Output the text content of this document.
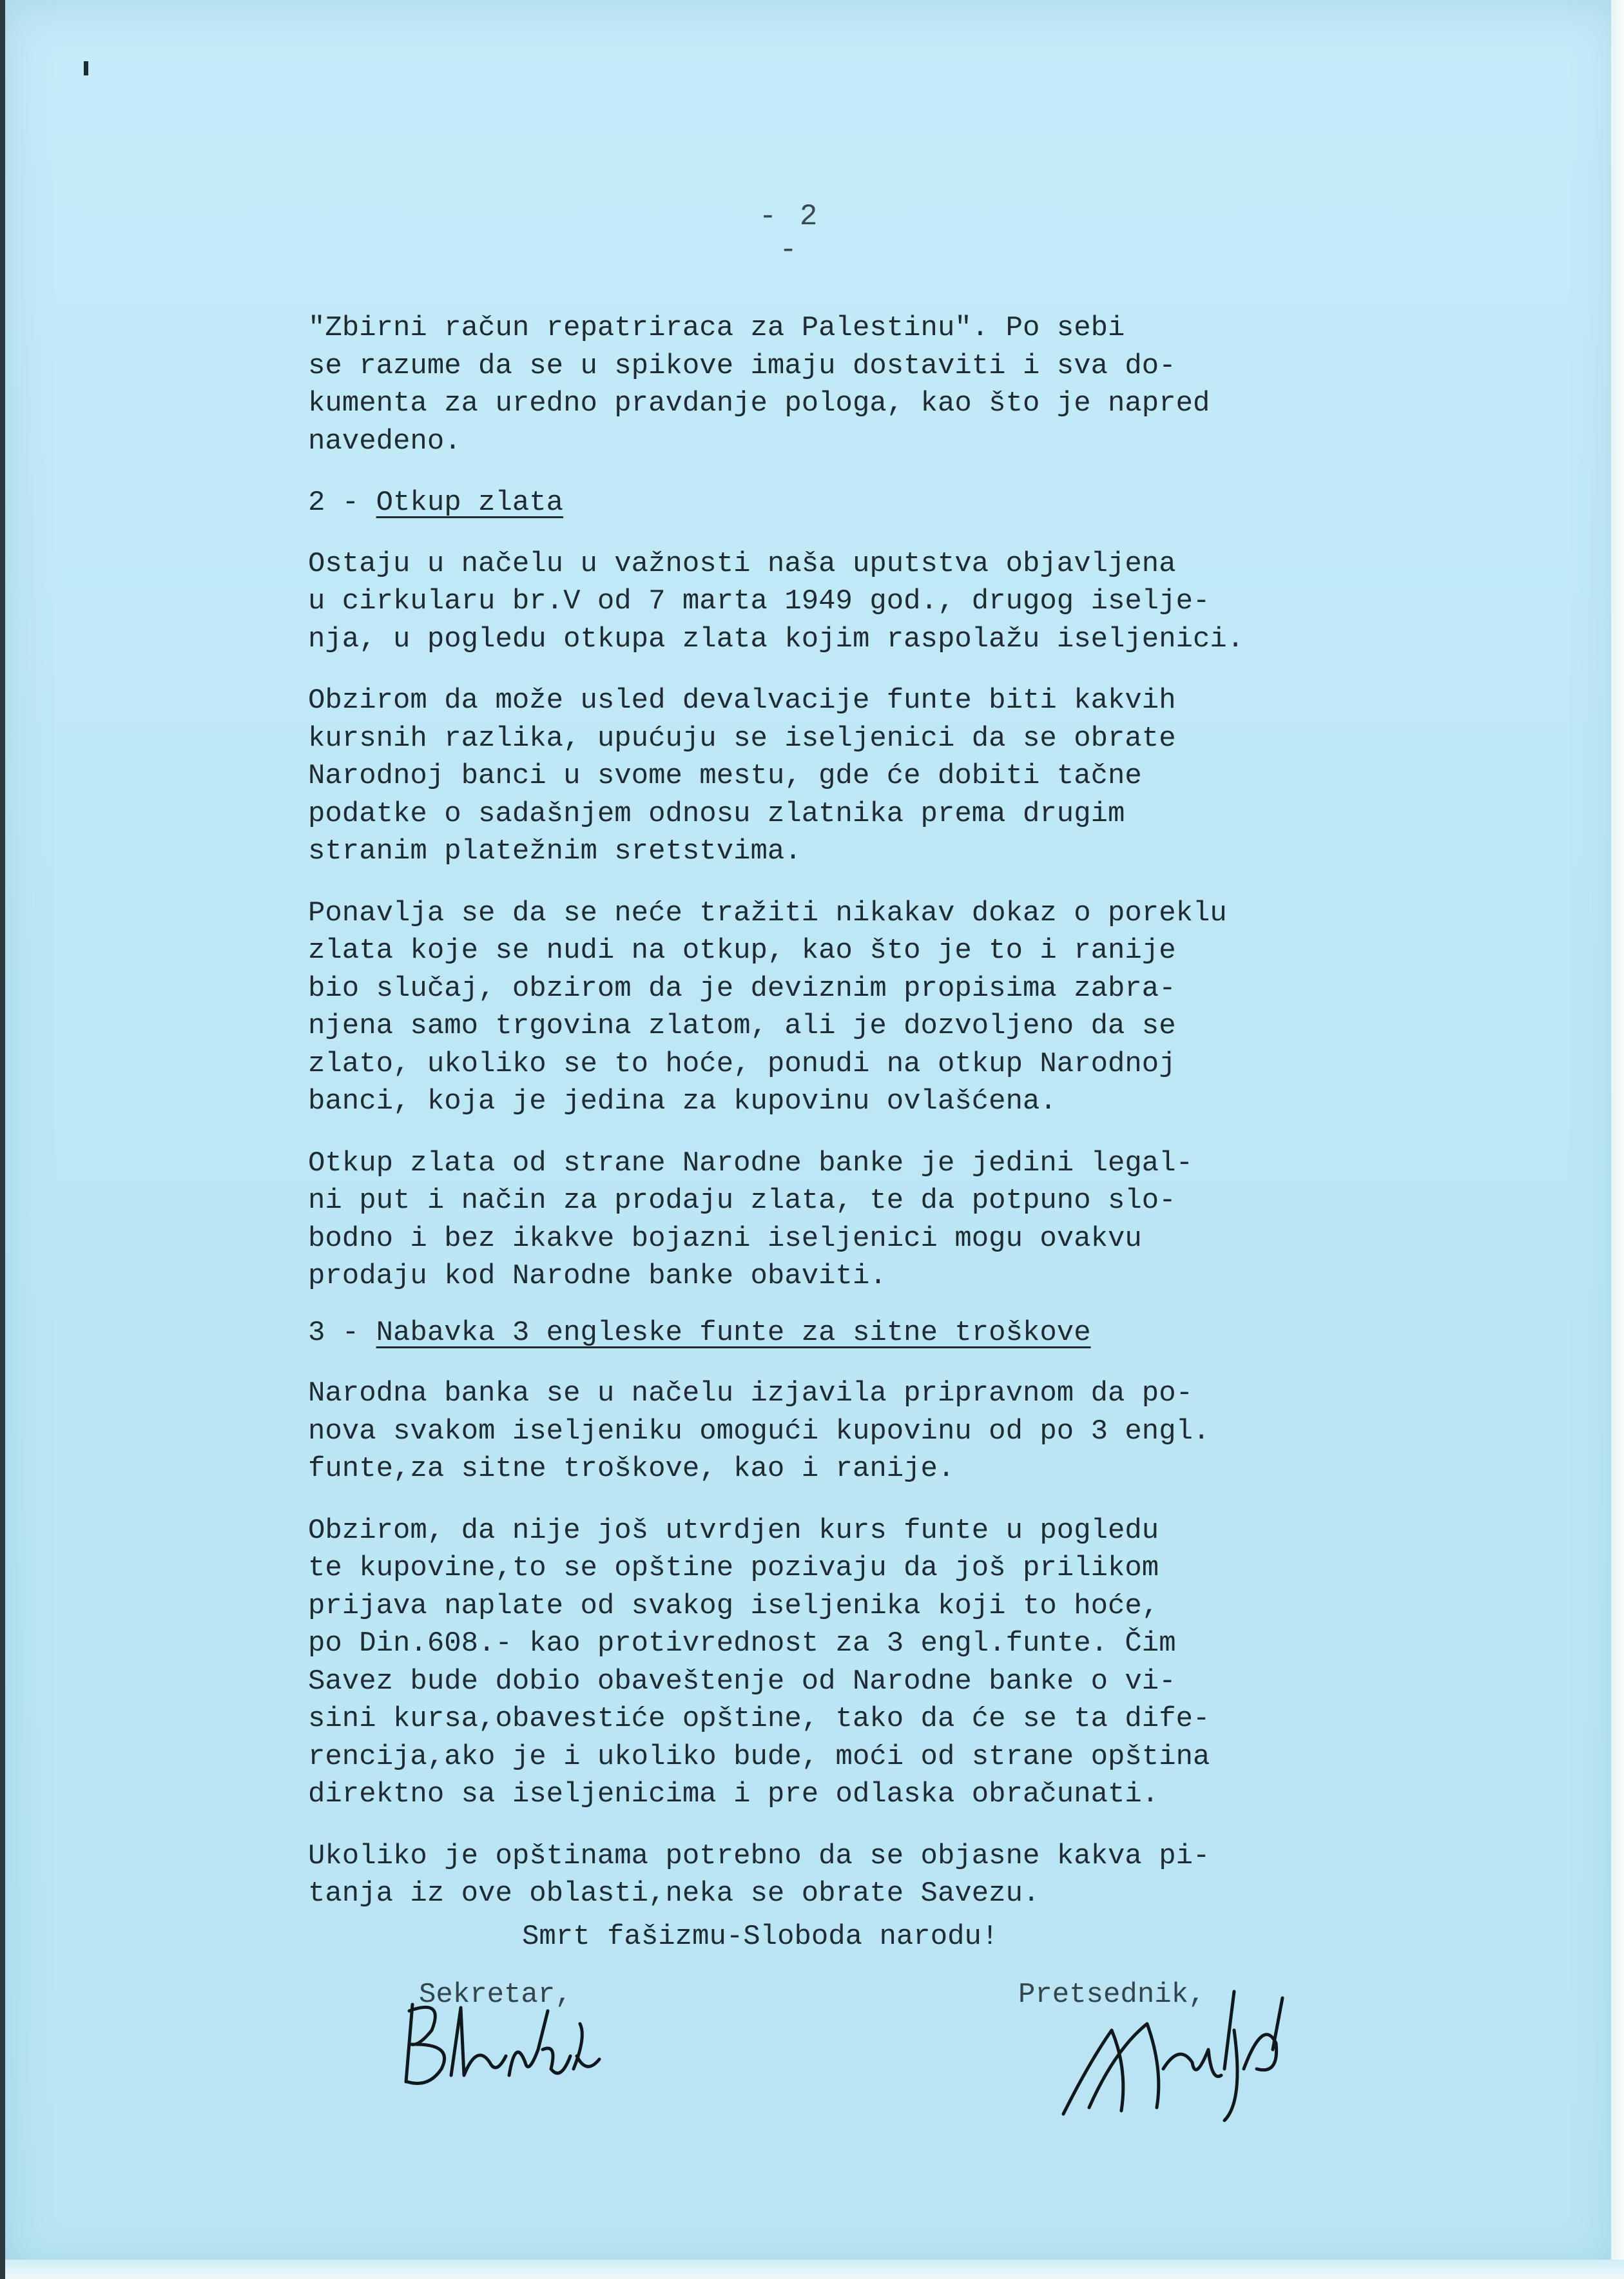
- 2 -
"Zbirni račun repatriraca za Palestinu". Po sebi
se razume da se u spikove imaju dostaviti i sva do-
kumenta za uredno pravdanje pologa, kao što je napred
navedeno.
2 - Otkup zlata
Ostaju u načelu u važnosti naša uputstva objavljena
u cirkularu br.V od 7 marta 1949 god., drugog iselje-
nja, u pogledu otkupa zlata kojim raspolažu iseljenici.
Obzirom da može usled devalvacije funte biti kakvih
kursnih razlika, upućuju se iseljenici da se obrate
Narodnoj banci u svome mestu, gde će dobiti tačne
podatke o sadašnjem odnosu zlatnika prema drugim
stranim platežnim sretstvima.
Ponavlja se da se neće tražiti nikakav dokaz o poreklu
zlata koje se nudi na otkup, kao što je to i ranije
bio slučaj, obzirom da je deviznim propisima zabra-
njena samo trgovina zlatom, ali je dozvoljeno da se
zlato, ukoliko se to hoće, ponudi na otkup Narodnoj
banci, koja je jedina za kupovinu ovlašćena.
Otkup zlata od strane Narodne banke je jedini legal-
ni put i način za prodaju zlata, te da potpuno slo-
bodno i bez ikakve bojazni iseljenici mogu ovakvu
prodaju kod Narodne banke obaviti.
3 - Nabavka 3 engleske funte za sitne troškove
Narodna banka se u načelu izjavila pripravnom da po-
nova svakom iseljeniku omogući kupovinu od po 3 engl.
funte,za sitne troškove, kao i ranije.
Obzirom, da nije još utvrdjen kurs funte u pogledu
te kupovine,to se opštine pozivaju da još prilikom
prijava naplate od svakog iseljenika koji to hoće,
po Din.608.- kao protivrednost za 3 engl.funte. Čim
Savez bude dobio obaveštenje od Narodne banke o vi-
sini kursa,obavestiće opštine, tako da će se ta dife-
rencija,ako je i ukoliko bude, moći od strane opština
direktno sa iseljenicima i pre odlaska obračunati.
Ukoliko je opštinama potrebno da se objasne kakva pi-
tanja iz ove oblasti,neka se obrate Savezu.
Smrt fašizmu-Sloboda narodu!
Sekretar,	Pretsednik,
